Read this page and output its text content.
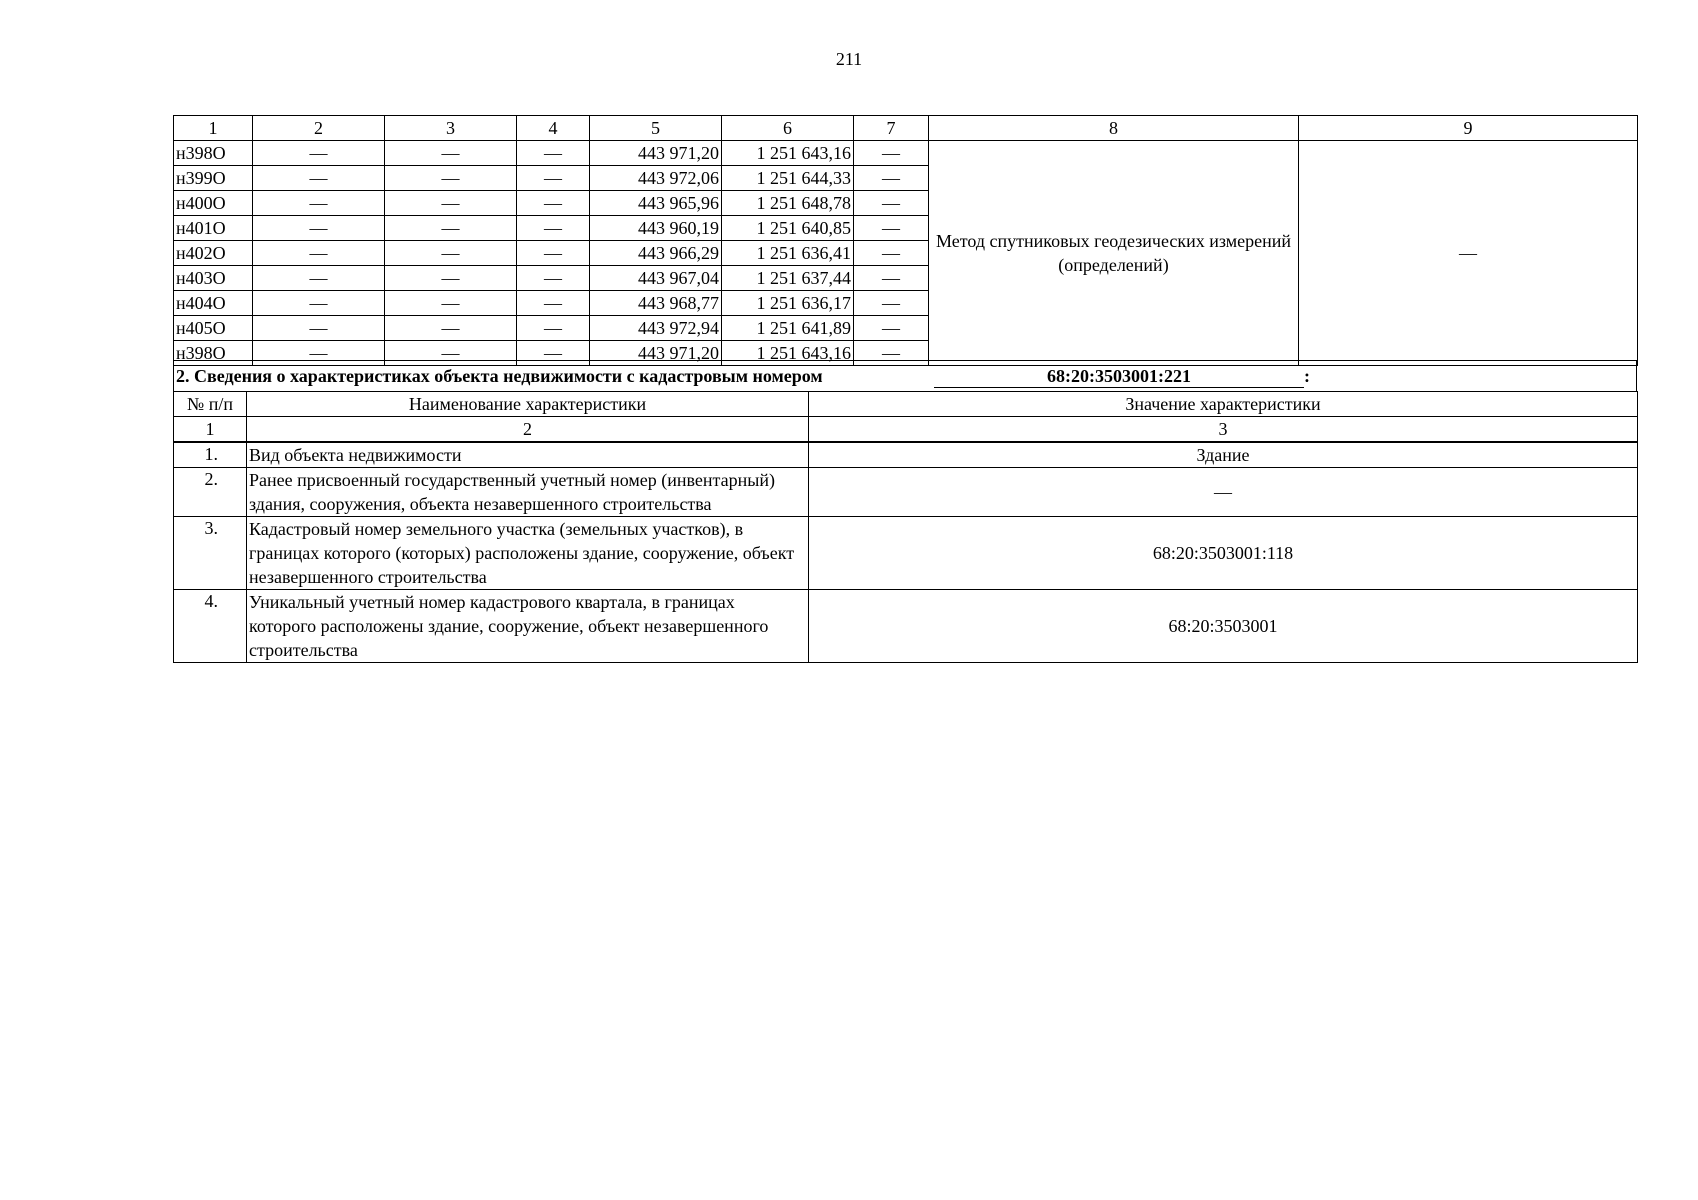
211
1	2	3	4	5	6	7	8	9
н398О	—	—	—	443 971,20	1 251 643,16	—	Метод спутниковых геодезических измерений (определений)	—
н399О	—	—	—	443 972,06	1 251 644,33	—		
н400О	—	—	—	443 965,96	1 251 648,78	—		
н401О	—	—	—	443 960,19	1 251 640,85	—		
н402О	—	—	—	443 966,29	1 251 636,41	—		
н403О	—	—	—	443 967,04	1 251 637,44	—		
н404О	—	—	—	443 968,77	1 251 636,17	—		
н405О	—	—	—	443 972,94	1 251 641,89	—		
н398О	—	—	—	443 971,20	1 251 643,16	—		
2. Сведения о характеристиках объекта недвижимости с кадастровым номером	68:20:3503001:221	:
№ п/п	Наименование характеристики	Значение характеристики
1	2	3
1.	Вид объекта недвижимости	Здание
2.	Ранее присвоенный государственный учетный номер (инвентарный) здания, сооружения, объекта незавершенного строительства	—
3.	Кадастровый номер земельного участка (земельных участков), в границах которого (которых) расположены здание, сооружение, объект незавершенного строительства	68:20:3503001:118
4.	Уникальный учетный номер кадастрового квартала, в границах которого расположены здание, сооружение, объект незавершенного строительства	68:20:3503001
